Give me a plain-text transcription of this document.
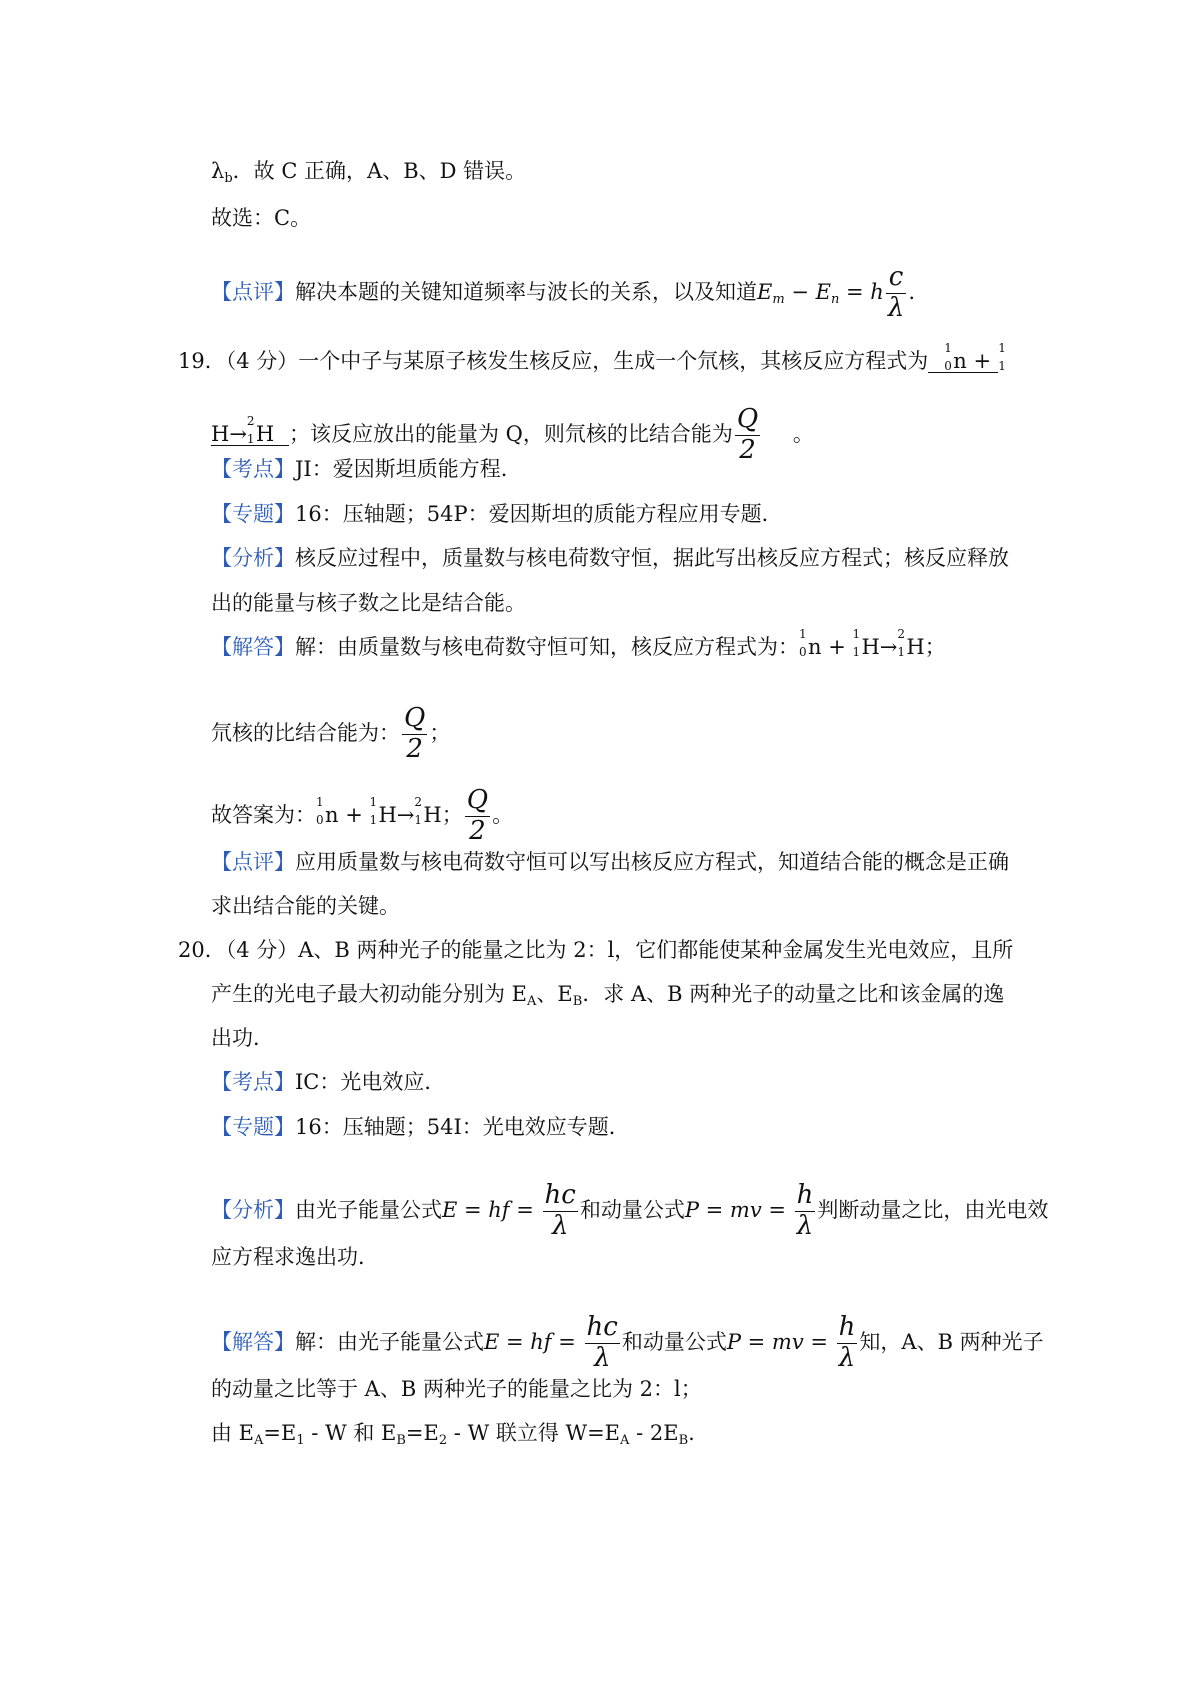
$\lambda_b$．故 C 正确，A、B、D 错误。
故选：C。
【点评】解决本题的关键知道频率与波长的关系，以及知道$E_m - E_n = h \frac{c}{\lambda}$ .
19．（4 分）一个中子与某原子核发生核反应，生成一个氘核，其核反应方程式为
1
0 n +
1
1
H→
2
1 H ；该反应放出的能量为 Q，则氘核的比结合能为 $\frac{Q}{2}$ 。
【考点】JI：爱因斯坦质能方程．
【专题】16：压轴题；54P：爱因斯坦的质能方程应用专题．
【分析】核反应过程中，质量数与核电荷数守恒，据此写出核反应方程式；核反应释放
出的能量与核子数之比是结合能。
【解答】解：由质量数与核电荷数守恒可知，核反应方程式为：
1
0 n +
1
1 H→
2
1 H；
氘核的比结合能为： $\frac{Q}{2}$ ；
故答案为：
1
0 n +
1
1 H→
2
1 H； $\frac{Q}{2}$ 。
【点评】应用质量数与核电荷数守恒可以写出核反应方程式，知道结合能的概念是正确
求出结合能的关键。
20．（4 分）A、B 两种光子的能量之比为 2：l，它们都能使某种金属发生光电效应，且所
产生的光电子最大初动能分别为 $E_A$、$E_B$．求 A、B 两种光子的动量之比和该金属的逸
出功．
【考点】IC：光电效应．
【专题】16：压轴题；54I：光电效应专题．
【分析】由光子能量公式E = hf = $\frac{hc}{\lambda}$ 和动量公式P = mv = $\frac{h}{\lambda}$ 判断动量之比，由光电效
应方程求逸出功．
【解答】解：由光子能量公式E = hf = $\frac{hc}{\lambda}$ 和动量公式P = mv = $\frac{h}{\lambda}$ 知，A、B 两种光子
的动量之比等于 A、B 两种光子的能量之比为 2：l；
由 $E_A=E_1 - W$ 和 $E_B=E_2 - W$ 联立得 $W=E_A - 2E_B$.
